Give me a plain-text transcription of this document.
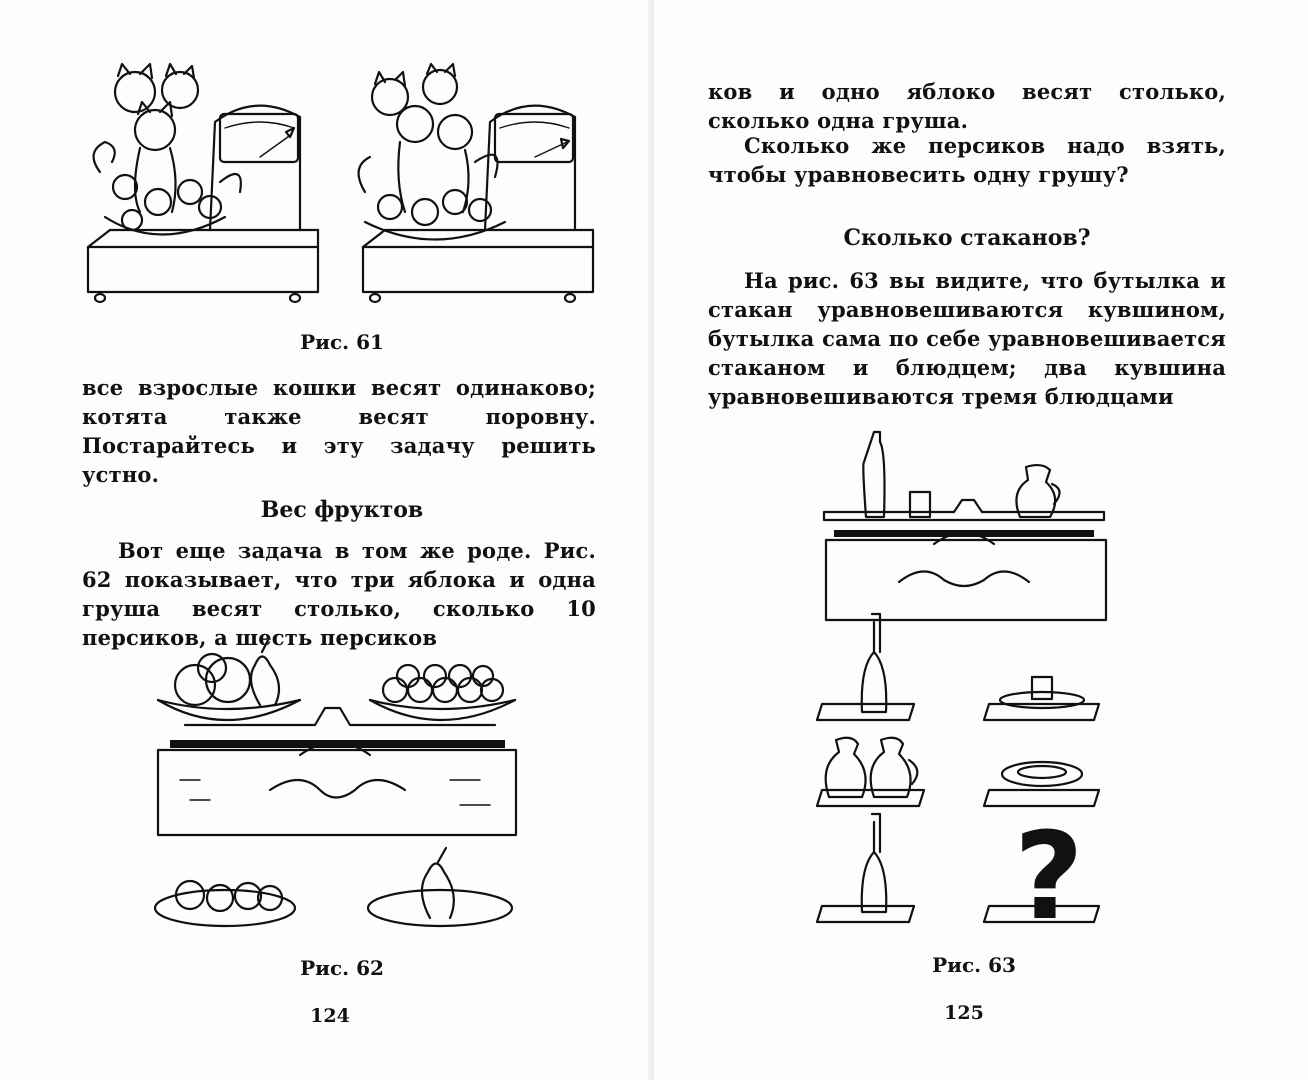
Рис. 61

все взрослые кошки весят одинаково; котята также весят поровну. Постарайтесь и эту задачу решить устно.

Вес фруктов

Вот еще задача в том же роде. Рис. 62 показывает, что три яблока и одна груша весят столько, сколько 10 персиков, а шесть персиков

Рис. 62

124

ков и одно яблоко весят столько, сколько одна груша.

Сколько же персиков надо взять, чтобы уравновесить одну грушу?

Сколько стаканов?

На рис. 63 вы видите, что бутылка и стакан уравновешиваются кувшином, бутылка сама по себе уравновешивается стаканом и блюдцем; два кувшина уравновешиваются тремя блюдцами

?

Рис. 63

125
